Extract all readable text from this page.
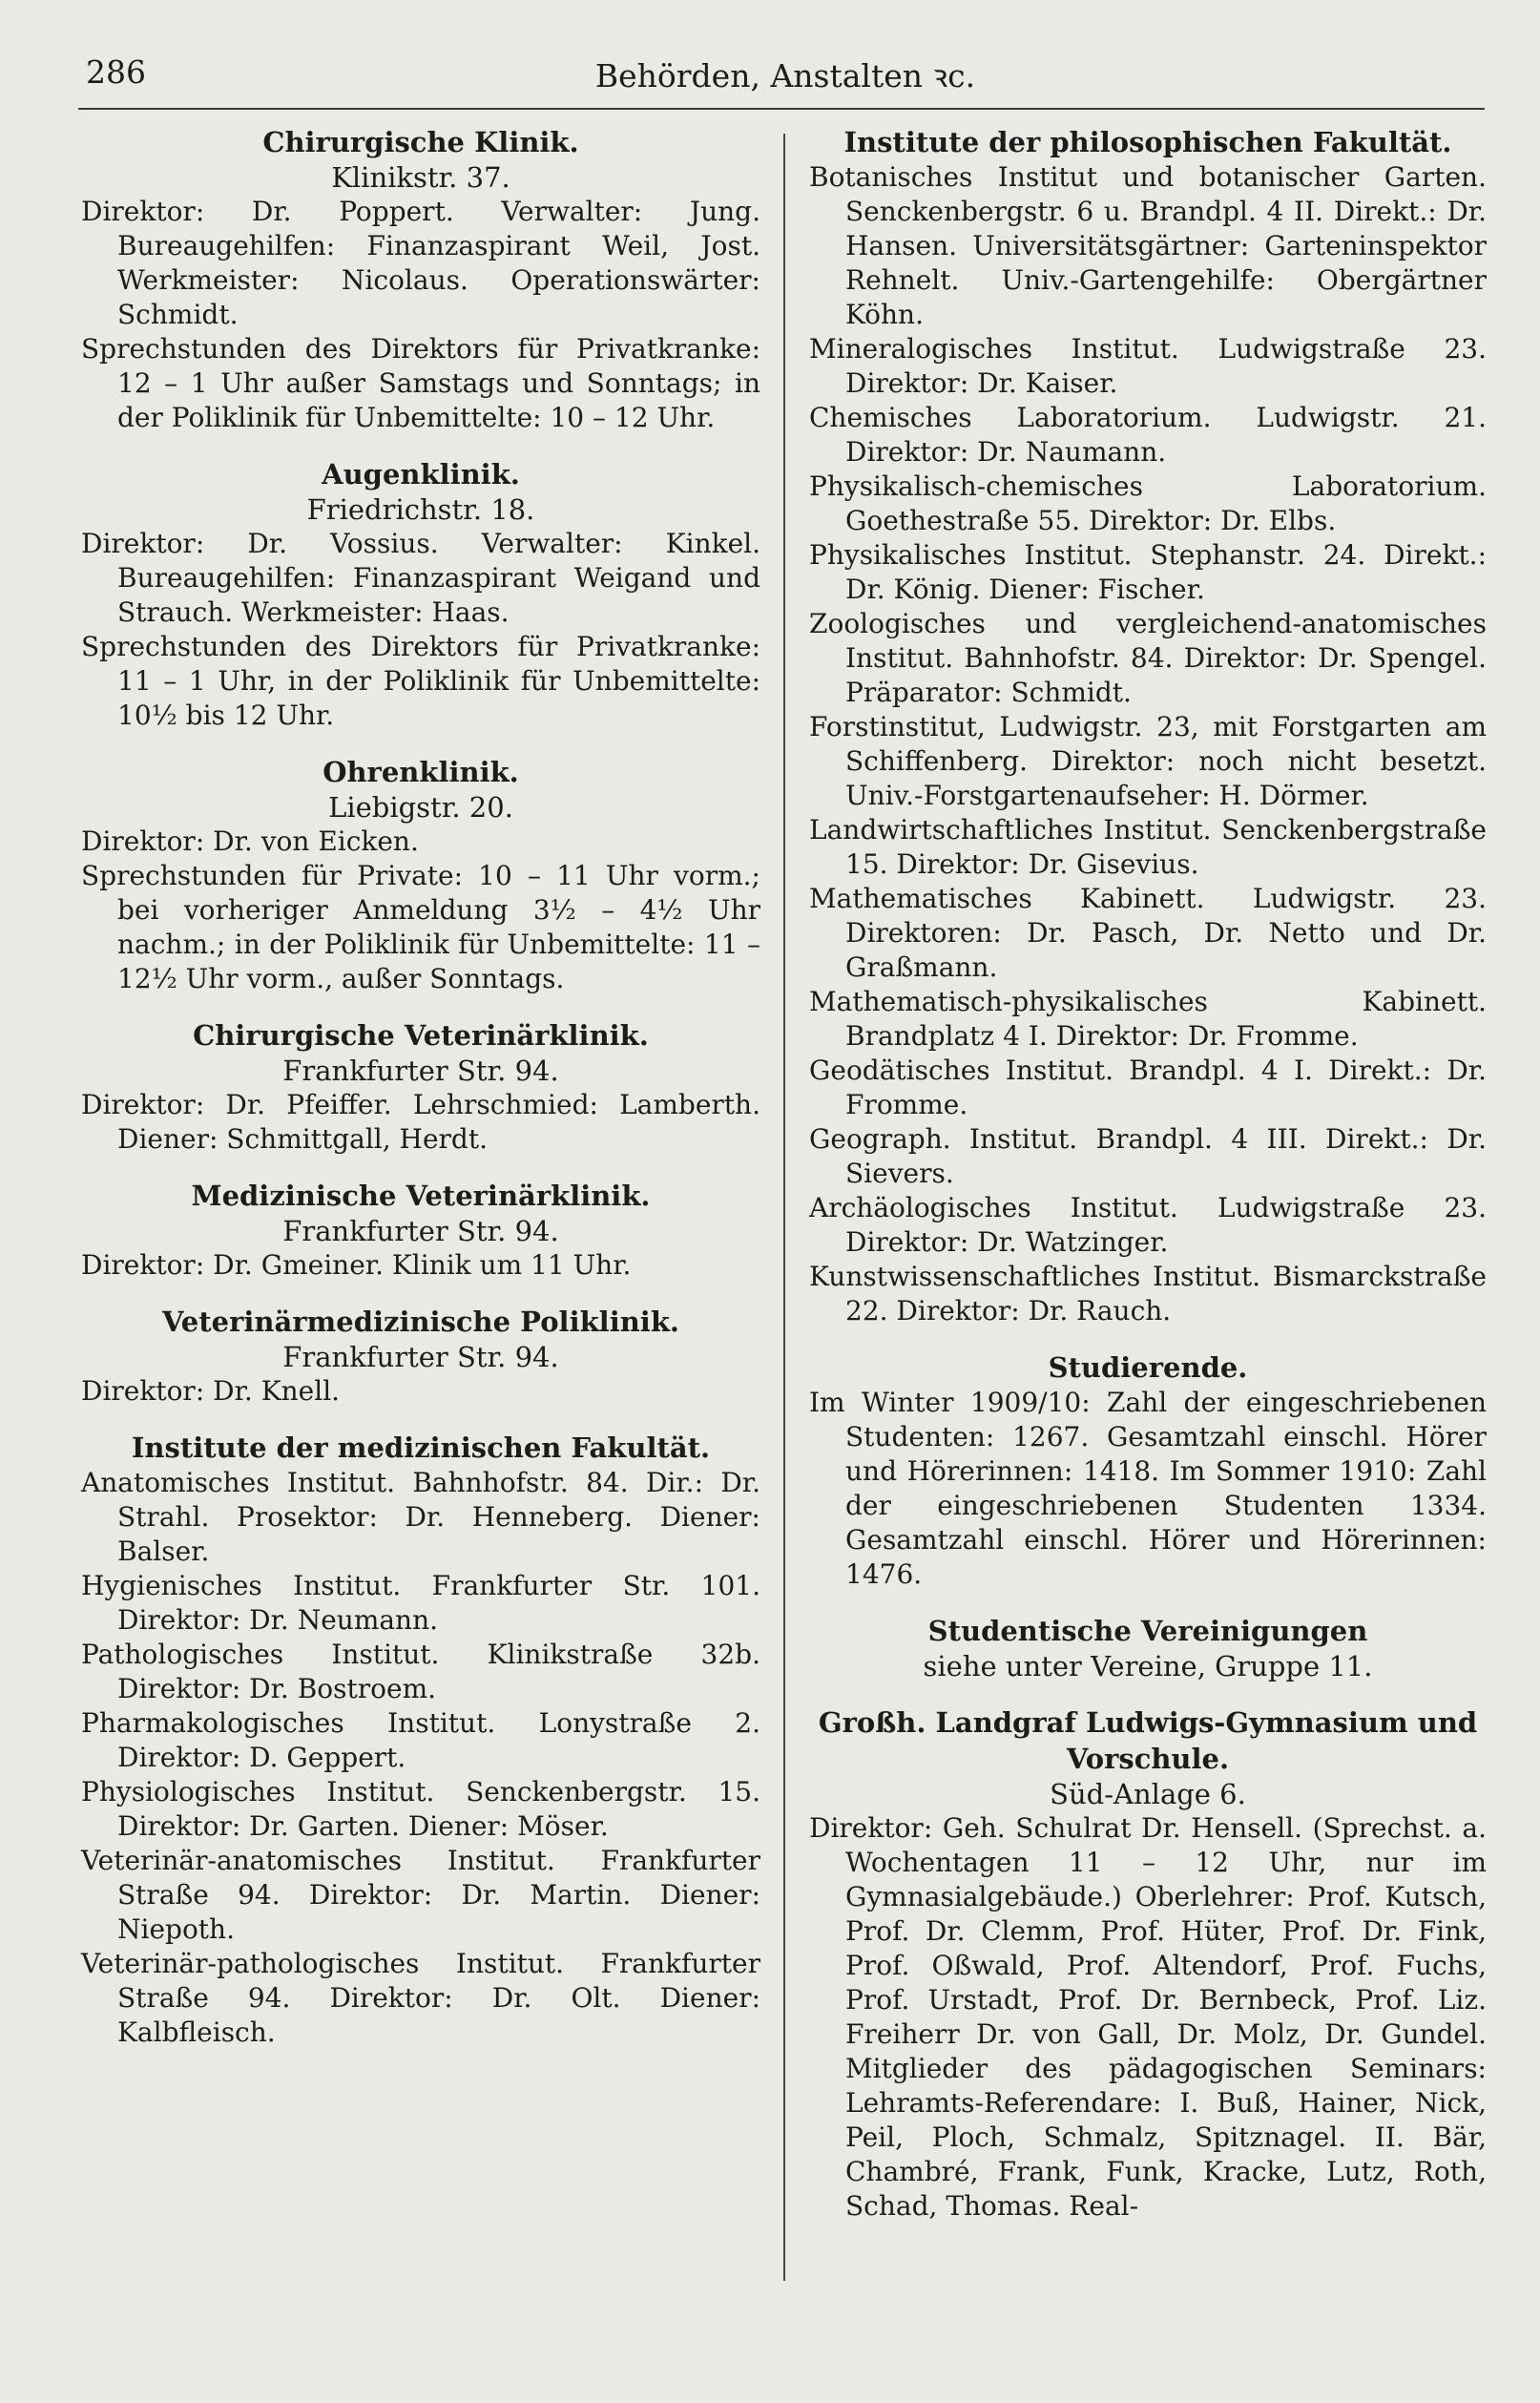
286	Behörden, Anstalten ꝛc.
Chirurgische Klinik.
Klinikstr. 37.
Direktor: Dr. Poppert. Verwalter: Jung. Bureaugehilfen: Finanzaspirant Weil, Jost. Werkmeister: Nicolaus. Operationswärter: Schmidt.
Sprechstunden des Direktors für Privatkranke: 12 – 1 Uhr außer Samstags und Sonntags; in der Poliklinik für Unbemittelte: 10 – 12 Uhr.
Augenklinik.
Friedrichstr. 18.
Direktor: Dr. Vossius. Verwalter: Kinkel. Bureaugehilfen: Finanzaspirant Weigand und Strauch. Werkmeister: Haas.
Sprechstunden des Direktors für Privatkranke: 11 – 1 Uhr, in der Poliklinik für Unbemittelte: 10½ bis 12 Uhr.
Ohrenklinik.
Liebigstr. 20.
Direktor: Dr. von Eicken.
Sprechstunden für Private: 10 – 11 Uhr vorm.; bei vorheriger Anmeldung 3½ – 4½ Uhr nachm.; in der Poliklinik für Unbemittelte: 11 – 12½ Uhr vorm., außer Sonntags.
Chirurgische Veterinärklinik.
Frankfurter Str. 94.
Direktor: Dr. Pfeiffer. Lehrschmied: Lamberth. Diener: Schmittgall, Herdt.
Medizinische Veterinärklinik.
Frankfurter Str. 94.
Direktor: Dr. Gmeiner. Klinik um 11 Uhr.
Veterinärmedizinische Poliklinik.
Frankfurter Str. 94.
Direktor: Dr. Knell.
Institute der medizinischen Fakultät.
Anatomisches Institut. Bahnhofstr. 84. Dir.: Dr. Strahl. Prosektor: Dr. Henneberg. Diener: Balser.
Hygienisches Institut. Frankfurter Str. 101. Direktor: Dr. Neumann.
Pathologisches Institut. Klinikstraße 32b. Direktor: Dr. Bostroem.
Pharmakologisches Institut. Lonystraße 2. Direktor: D. Geppert.
Physiologisches Institut. Senckenbergstr. 15. Direktor: Dr. Garten. Diener: Möser.
Veterinär-anatomisches Institut. Frankfurter Straße 94. Direktor: Dr. Martin. Diener: Niepoth.
Veterinär-pathologisches Institut. Frankfurter Straße 94. Direktor: Dr. Olt. Diener: Kalbfleisch.
Institute der philosophischen Fakultät.
Botanisches Institut und botanischer Garten. Senckenbergstr. 6 u. Brandpl. 4 II. Direkt.: Dr. Hansen. Universitätsgärtner: Garteninspektor Rehnelt. Univ.-Gartengehilfe: Obergärtner Köhn.
Mineralogisches Institut. Ludwigstraße 23. Direktor: Dr. Kaiser.
Chemisches Laboratorium. Ludwigstr. 21. Direktor: Dr. Naumann.
Physikalisch-chemisches Laboratorium. Goethestraße 55. Direktor: Dr. Elbs.
Physikalisches Institut. Stephanstr. 24. Direkt.: Dr. König. Diener: Fischer.
Zoologisches und vergleichend-anatomisches Institut. Bahnhofstr. 84. Direktor: Dr. Spengel. Präparator: Schmidt.
Forstinstitut, Ludwigstr. 23, mit Forstgarten am Schiffenberg. Direktor: noch nicht besetzt. Univ.-Forstgartenaufseher: H. Dörmer.
Landwirtschaftliches Institut. Senckenbergstraße 15. Direktor: Dr. Gisevius.
Mathematisches Kabinett. Ludwigstr. 23. Direktoren: Dr. Pasch, Dr. Netto und Dr. Graßmann.
Mathematisch-physikalisches Kabinett. Brandplatz 4 I. Direktor: Dr. Fromme.
Geodätisches Institut. Brandpl. 4 I. Direkt.: Dr. Fromme.
Geograph. Institut. Brandpl. 4 III. Direkt.: Dr. Sievers.
Archäologisches Institut. Ludwigstraße 23. Direktor: Dr. Watzinger.
Kunstwissenschaftliches Institut. Bismarckstraße 22. Direktor: Dr. Rauch.
Studierende.
Im Winter 1909/10: Zahl der eingeschriebenen Studenten: 1267. Gesamtzahl einschl. Hörer und Hörerinnen: 1418. Im Sommer 1910: Zahl der eingeschriebenen Studenten 1334. Gesamtzahl einschl. Hörer und Hörerinnen: 1476.
Studentische Vereinigungen
siehe unter Vereine, Gruppe 11.
Großh. Landgraf Ludwigs-Gymnasium und Vorschule.
Süd-Anlage 6.
Direktor: Geh. Schulrat Dr. Hensell. (Sprechst. a. Wochentagen 11 – 12 Uhr, nur im Gymnasialgebäude.) Oberlehrer: Prof. Kutsch, Prof. Dr. Clemm, Prof. Hüter, Prof. Dr. Fink, Prof. Oßwald, Prof. Altendorf, Prof. Fuchs, Prof. Urstadt, Prof. Dr. Bernbeck, Prof. Liz. Freiherr Dr. von Gall, Dr. Molz, Dr. Gundel. Mitglieder des pädagogischen Seminars: Lehramts-Referendare: I. Buß, Hainer, Nick, Peil, Ploch, Schmalz, Spitznagel. II. Bär, Chambré, Frank, Funk, Kracke, Lutz, Roth, Schad, Thomas. Real-
